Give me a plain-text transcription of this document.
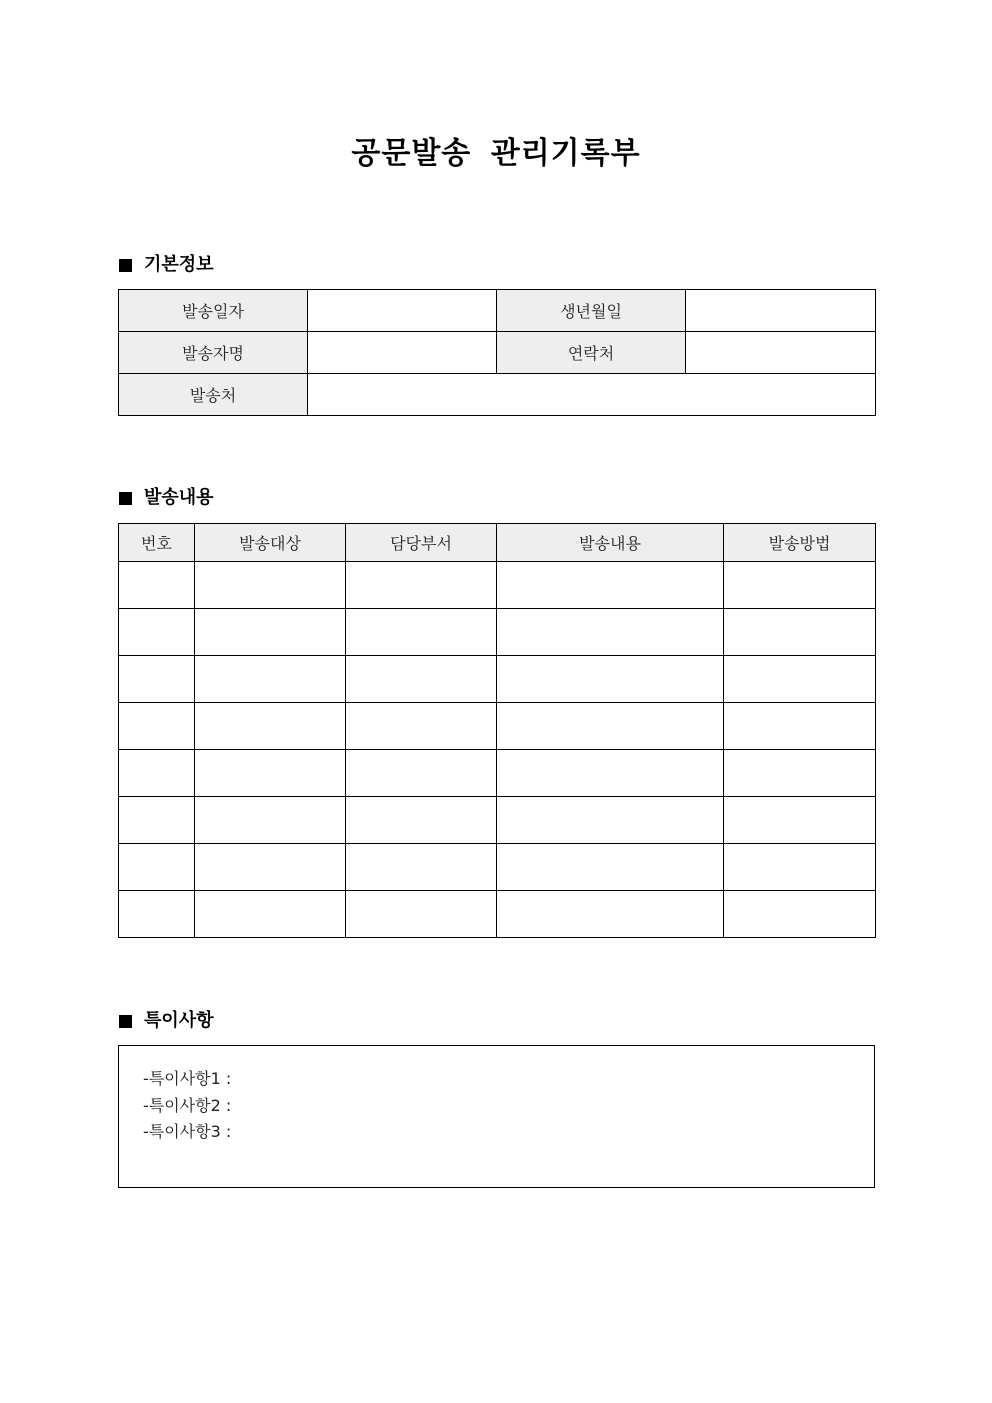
공문발송 관리기록부
기본정보
발송일자		생년월일	
발송자명		연락처	
발송처			
발송내용
번호	발송대상	담당부서	발송내용	발송방법

특이사항
-특이사항1 :
-특이사항2 :
-특이사항3 :
